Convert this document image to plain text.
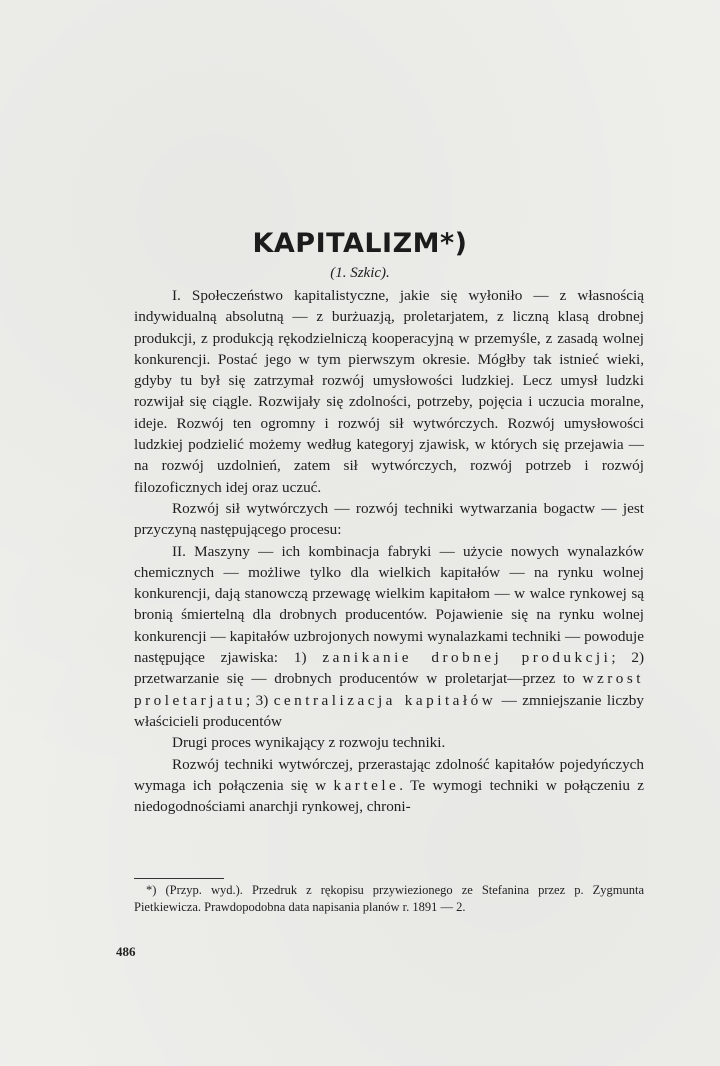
KAPITALIZM*)
(1. Szkic).

I. Społeczeństwo kapitalistyczne, jakie się wyłoniło — z własnością indywidualną absolutną — z burżuazją, proletarjatem, z liczną klasą drobnej produkcji, z produkcją rękodzielniczą kooperacyjną w przemyśle, z zasadą wolnej konkurencji. Postać jego w tym pierwszym okresie. Mógłby tak istnieć wieki, gdyby tu był się zatrzymał rozwój umysłowości ludzkiej. Lecz umysł ludzki rozwijał się ciągle. Rozwijały się zdolności, potrzeby, pojęcia i uczucia moralne, ideje. Rozwój ten ogromny i rozwój sił wytwórczych. Rozwój umysłowości ludzkiej podzielić możemy według kategoryj zjawisk, w których się przejawia — na rozwój uzdolnień, zatem sił wytwórczych, rozwój potrzeb i rozwój filozoficznych idej oraz uczuć.

Rozwój sił wytwórczych — rozwój techniki wytwarzania bogactw — jest przyczyną następującego procesu:

II. Maszyny — ich kombinacja fabryki — użycie nowych wynalazków chemicznych — możliwe tylko dla wielkich kapitałów — na rynku wolnej konkurencji, dają stanowczą przewagę wielkim kapitałom — w walce rynkowej są bronią śmiertelną dla drobnych producentów. Pojawienie się na rynku wolnej konkurencji — kapitałów uzbrojonych nowymi wynalazkami techniki — powoduje następujące zjawiska: 1) zanikanie drobnej produkcji; 2) przetwarzanie się — drobnych producentów w proletarjat—przez to wzrost proletarjatu; 3) centralizacja kapitałów — zmniejszanie liczby właścicieli producentów

Drugi proces wynikający z rozwoju techniki.

Rozwój techniki wytwórczej, przerastając zdolność kapitałów pojedyńczych wymaga ich połączenia się w kartele. Te wymogi techniki w połączeniu z niedogodnościami anarchji rynkowej, chroni-

*) (Przyp. wyd.). Przedruk z rękopisu przywiezionego ze Stefanina przez p. Zygmunta Pietkiewicza. Prawdopodobna data napisania planów r. 1891 — 2.
486
